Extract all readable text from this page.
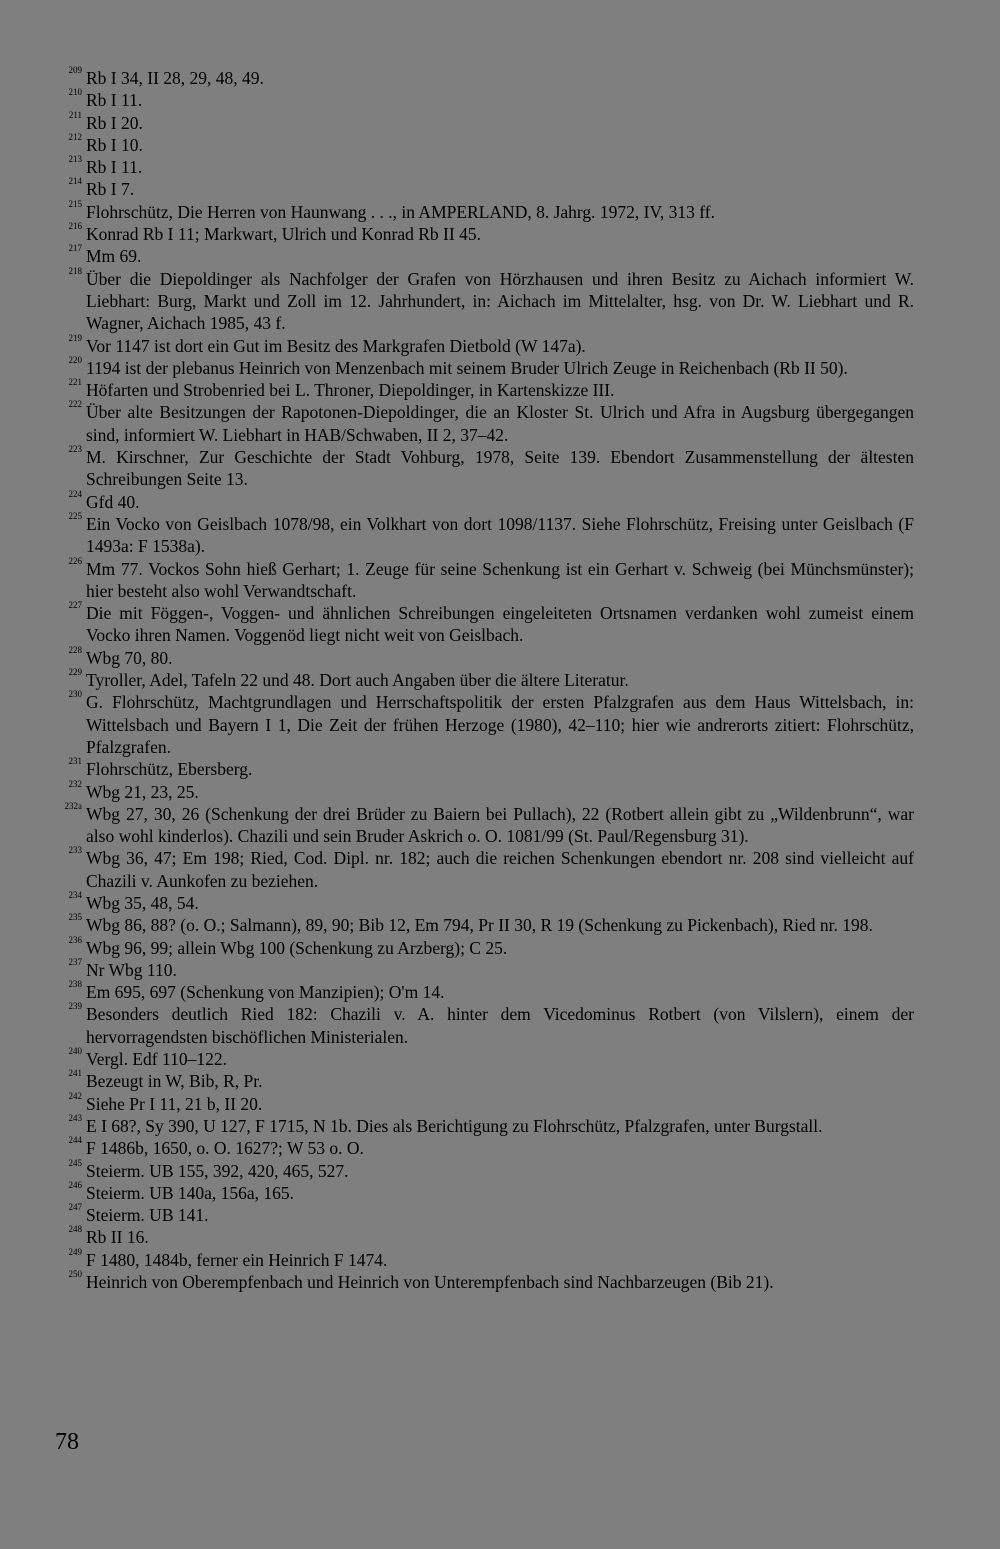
209 Rb I 34, II 28, 29, 48, 49.
210 Rb I 11.
211 Rb I 20.
212 Rb I 10.
213 Rb I 11.
214 Rb I 7.
215 Flohrschütz, Die Herren von Haunwang . . ., in AMPERLAND, 8. Jahrg. 1972, IV, 313 ff.
216 Konrad Rb I 11; Markwart, Ulrich und Konrad Rb II 45.
217 Mm 69.
218 Über die Diepoldinger als Nachfolger der Grafen von Hörzhausen und ihren Besitz zu Aichach informiert W. Liebhart: Burg, Markt und Zoll im 12. Jahrhundert, in: Aichach im Mittelalter, hsg. von Dr. W. Liebhart und R. Wagner, Aichach 1985, 43 f.
219 Vor 1147 ist dort ein Gut im Besitz des Markgrafen Dietbold (W 147a).
220 1194 ist der plebanus Heinrich von Menzenbach mit seinem Bruder Ulrich Zeuge in Reichenbach (Rb II 50).
221 Höfarten und Strobenried bei L. Throner, Diepoldinger, in Kartenskizze III.
222 Über alte Besitzungen der Rapotonen-Diepoldinger, die an Kloster St. Ulrich und Afra in Augsburg übergegangen sind, informiert W. Liebhart in HAB/Schwaben, II 2, 37–42.
223 M. Kirschner, Zur Geschichte der Stadt Vohburg, 1978, Seite 139. Ebendort Zusammenstellung der ältesten Schreibungen Seite 13.
224 Gfd 40.
225 Ein Vocko von Geislbach 1078/98, ein Volkhart von dort 1098/1137. Siehe Flohrschütz, Freising unter Geislbach (F 1493a: F 1538a).
226 Mm 77. Vockos Sohn hieß Gerhart; 1. Zeuge für seine Schenkung ist ein Gerhart v. Schweig (bei Münchsmünster); hier besteht also wohl Verwandtschaft.
227 Die mit Föggen-, Voggen- und ähnlichen Schreibungen eingeleiteten Ortsnamen verdanken wohl zumeist einem Vocko ihren Namen. Voggenöd liegt nicht weit von Geislbach.
228 Wbg 70, 80.
229 Tyroller, Adel, Tafeln 22 und 48. Dort auch Angaben über die ältere Literatur.
230 G. Flohrschütz, Machtgrundlagen und Herrschaftspolitik der ersten Pfalzgrafen aus dem Haus Wittelsbach, in: Wittelsbach und Bayern I 1, Die Zeit der frühen Herzoge (1980), 42–110; hier wie andrerorts zitiert: Flohrschütz, Pfalzgrafen.
231 Flohrschütz, Ebersberg.
232 Wbg 21, 23, 25.
232a Wbg 27, 30, 26 (Schenkung der drei Brüder zu Baiern bei Pullach), 22 (Rotbert allein gibt zu „Wildenbrunn“, war also wohl kinderlos). Chazili und sein Bruder Askrich o. O. 1081/99 (St. Paul/Regensburg 31).
233 Wbg 36, 47; Em 198; Ried, Cod. Dipl. nr. 182; auch die reichen Schenkungen ebendort nr. 208 sind vielleicht auf Chazili v. Aunkofen zu beziehen.
234 Wbg 35, 48, 54.
235 Wbg 86, 88? (o. O.; Salmann), 89, 90; Bib 12, Em 794, Pr II 30, R 19 (Schenkung zu Pickenbach), Ried nr. 198.
236 Wbg 96, 99; allein Wbg 100 (Schenkung zu Arzberg); C 25.
237 Nr Wbg 110.
238 Em 695, 697 (Schenkung von Manzipien); O'm 14.
239 Besonders deutlich Ried 182: Chazili v. A. hinter dem Vicedominus Rotbert (von Vilslern), einem der hervorragendsten bischöflichen Ministerialen.
240 Vergl. Edf 110–122.
241 Bezeugt in W, Bib, R, Pr.
242 Siehe Pr I 11, 21 b, II 20.
243 E I 68?, Sy 390, U 127, F 1715, N 1b. Dies als Berichtigung zu Flohrschütz, Pfalzgrafen, unter Burgstall.
244 F 1486b, 1650, o. O. 1627?; W 53 o. O.
245 Steierm. UB 155, 392, 420, 465, 527.
246 Steierm. UB 140a, 156a, 165.
247 Steierm. UB 141.
248 Rb II 16.
249 F 1480, 1484b, ferner ein Heinrich F 1474.
250 Heinrich von Oberempfenbach und Heinrich von Unterempfenbach sind Nachbarzeugen (Bib 21).
78
